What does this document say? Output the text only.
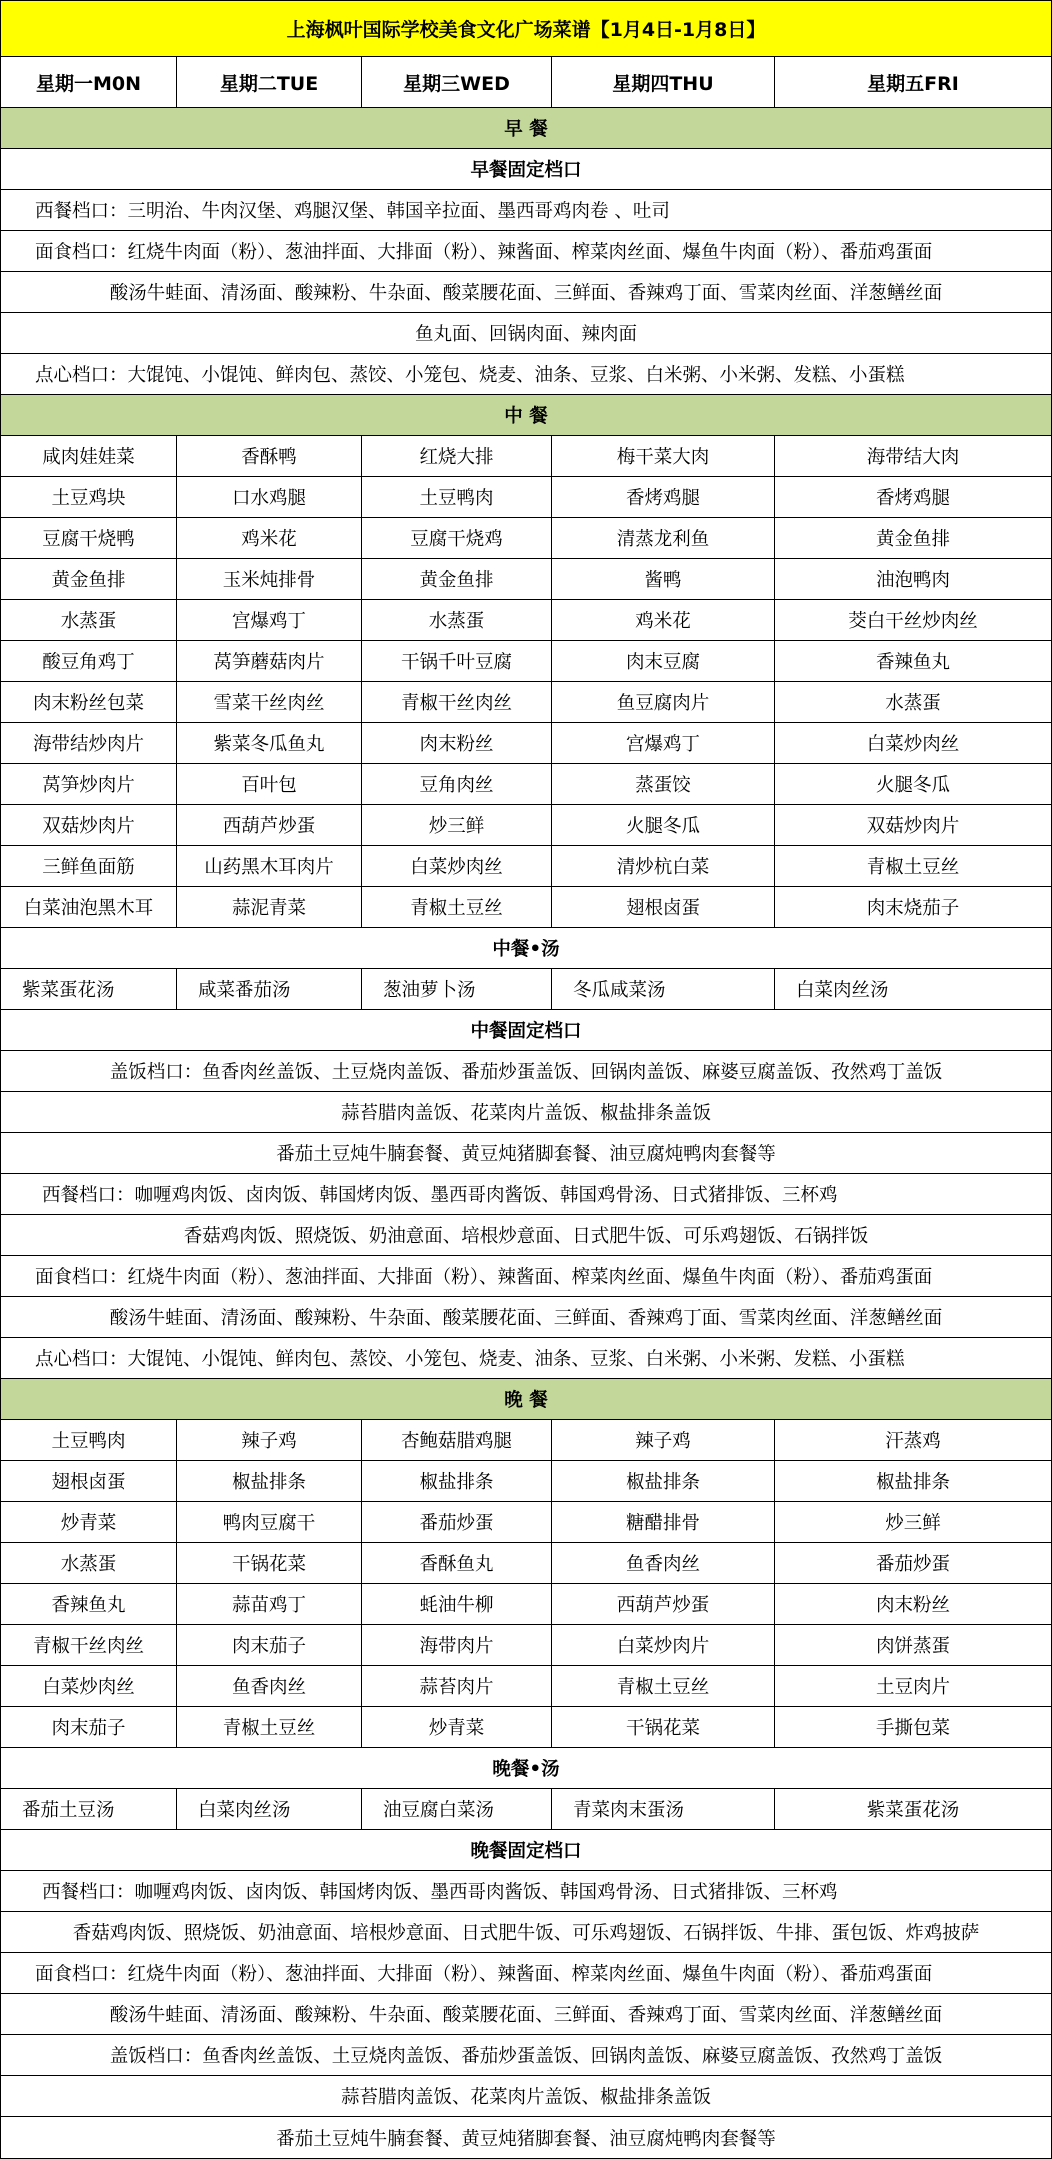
上海枫叶国际学校美食文化广场菜谱【1月4日-1月8日】
星期一M0N	星期二TUE	星期三WED	星期四THU	星期五FRI
早 餐
早餐固定档口
西餐档口：三明治、牛肉汉堡、鸡腿汉堡、韩国辛拉面、墨西哥鸡肉卷 、吐司
面食档口：红烧牛肉面（粉）、葱油拌面、大排面（粉）、辣酱面、榨菜肉丝面、爆鱼牛肉面（粉）、番茄鸡蛋面
酸汤牛蛙面、清汤面、酸辣粉、牛杂面、酸菜腰花面、三鲜面、香辣鸡丁面、雪菜肉丝面、洋葱鳝丝面
鱼丸面、回锅肉面、辣肉面
点心档口：大馄饨、小馄饨、鲜肉包、蒸饺、小笼包、烧麦、油条、豆浆、白米粥、小米粥、发糕、小蛋糕
中 餐
咸肉娃娃菜	香酥鸭	红烧大排	梅干菜大肉	海带结大肉
土豆鸡块	口水鸡腿	土豆鸭肉	香烤鸡腿	香烤鸡腿
豆腐干烧鸭	鸡米花	豆腐干烧鸡	清蒸龙利鱼	黄金鱼排
黄金鱼排	玉米炖排骨	黄金鱼排	酱鸭	油泡鸭肉
水蒸蛋	宫爆鸡丁	水蒸蛋	鸡米花	茭白干丝炒肉丝
酸豆角鸡丁	莴笋蘑菇肉片	干锅千叶豆腐	肉末豆腐	香辣鱼丸
肉末粉丝包菜	雪菜干丝肉丝	青椒干丝肉丝	鱼豆腐肉片	水蒸蛋
海带结炒肉片	紫菜冬瓜鱼丸	肉末粉丝	宫爆鸡丁	白菜炒肉丝
莴笋炒肉片	百叶包	豆角肉丝	蒸蛋饺	火腿冬瓜
双菇炒肉片	西葫芦炒蛋	炒三鲜	火腿冬瓜	双菇炒肉片
三鲜鱼面筋	山药黑木耳肉片	白菜炒肉丝	清炒杭白菜	青椒土豆丝
白菜油泡黑木耳	蒜泥青菜	青椒土豆丝	翅根卤蛋	肉末烧茄子
中餐•汤
紫菜蛋花汤	咸菜番茄汤	葱油萝卜汤	冬瓜咸菜汤	白菜肉丝汤
中餐固定档口
盖饭档口：鱼香肉丝盖饭、土豆烧肉盖饭、番茄炒蛋盖饭、回锅肉盖饭、麻婆豆腐盖饭、孜然鸡丁盖饭
蒜苔腊肉盖饭、花菜肉片盖饭、椒盐排条盖饭
番茄土豆炖牛腩套餐、黄豆炖猪脚套餐、油豆腐炖鸭肉套餐等
西餐档口：咖喱鸡肉饭、卤肉饭、韩国烤肉饭、墨西哥肉酱饭、韩国鸡骨汤、日式猪排饭、三杯鸡
香菇鸡肉饭、照烧饭、奶油意面、培根炒意面、日式肥牛饭、可乐鸡翅饭、石锅拌饭
面食档口：红烧牛肉面（粉）、葱油拌面、大排面（粉）、辣酱面、榨菜肉丝面、爆鱼牛肉面（粉）、番茄鸡蛋面
酸汤牛蛙面、清汤面、酸辣粉、牛杂面、酸菜腰花面、三鲜面、香辣鸡丁面、雪菜肉丝面、洋葱鳝丝面
点心档口：大馄饨、小馄饨、鲜肉包、蒸饺、小笼包、烧麦、油条、豆浆、白米粥、小米粥、发糕、小蛋糕
晚 餐
土豆鸭肉	辣子鸡	杏鲍菇腊鸡腿	辣子鸡	汗蒸鸡
翅根卤蛋	椒盐排条	椒盐排条	椒盐排条	椒盐排条
炒青菜	鸭肉豆腐干	番茄炒蛋	糖醋排骨	炒三鲜
水蒸蛋	干锅花菜	香酥鱼丸	鱼香肉丝	番茄炒蛋
香辣鱼丸	蒜苗鸡丁	蚝油牛柳	西葫芦炒蛋	肉末粉丝
青椒干丝肉丝	肉末茄子	海带肉片	白菜炒肉片	肉饼蒸蛋
白菜炒肉丝	鱼香肉丝	蒜苔肉片	青椒土豆丝	土豆肉片
肉末茄子	青椒土豆丝	炒青菜	干锅花菜	手撕包菜
晚餐•汤
番茄土豆汤	白菜肉丝汤	油豆腐白菜汤	青菜肉末蛋汤	紫菜蛋花汤
晚餐固定档口
西餐档口：咖喱鸡肉饭、卤肉饭、韩国烤肉饭、墨西哥肉酱饭、韩国鸡骨汤、日式猪排饭、三杯鸡
香菇鸡肉饭、照烧饭、奶油意面、培根炒意面、日式肥牛饭、可乐鸡翅饭、石锅拌饭、牛排、蛋包饭、炸鸡披萨
面食档口：红烧牛肉面（粉）、葱油拌面、大排面（粉）、辣酱面、榨菜肉丝面、爆鱼牛肉面（粉）、番茄鸡蛋面
酸汤牛蛙面、清汤面、酸辣粉、牛杂面、酸菜腰花面、三鲜面、香辣鸡丁面、雪菜肉丝面、洋葱鳝丝面
盖饭档口：鱼香肉丝盖饭、土豆烧肉盖饭、番茄炒蛋盖饭、回锅肉盖饭、麻婆豆腐盖饭、孜然鸡丁盖饭
蒜苔腊肉盖饭、花菜肉片盖饭、椒盐排条盖饭
番茄土豆炖牛腩套餐、黄豆炖猪脚套餐、油豆腐炖鸭肉套餐等
